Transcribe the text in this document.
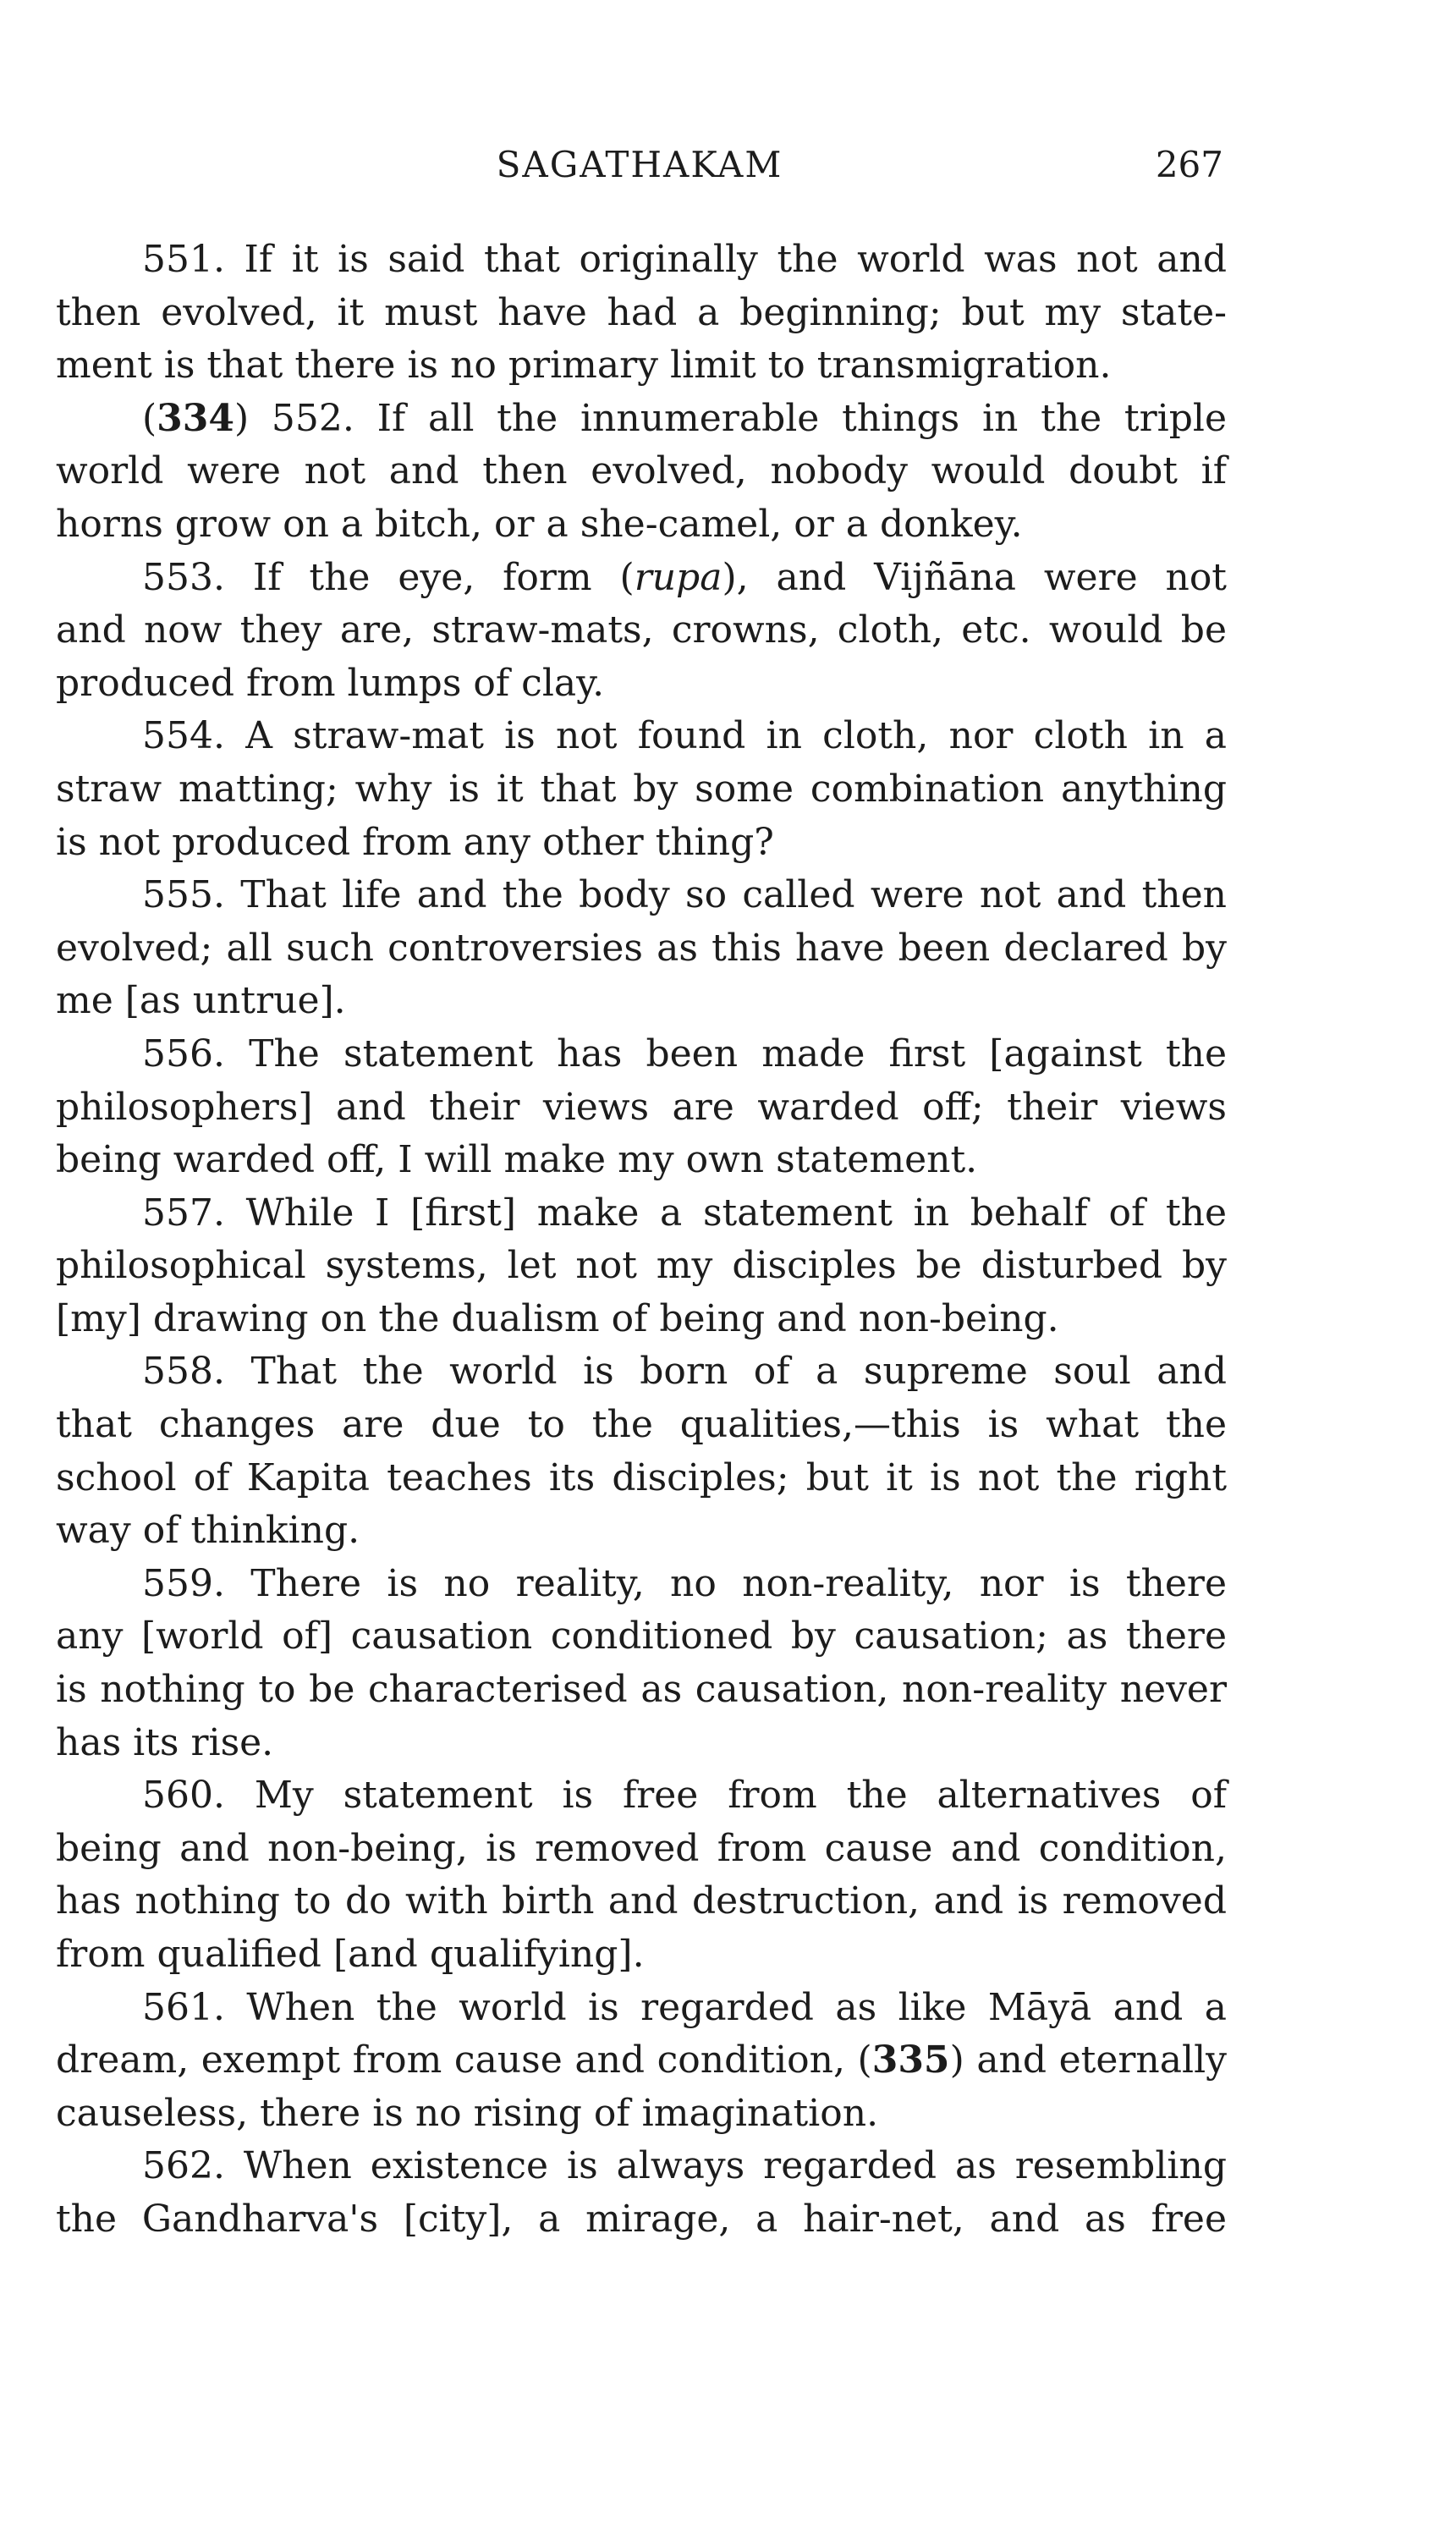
SAGATHAKAM	267
551. If it is said that originally the world was not and
then evolved, it must have had a beginning; but my state-
ment is that there is no primary limit to transmigration.
(334) 552. If all the innumerable things in the triple
world were not and then evolved, nobody would doubt if
horns grow on a bitch, or a she-camel, or a donkey.
553. If the eye, form (rupa), and Vijñāna were not
and now they are, straw-mats, crowns, cloth, etc. would be
produced from lumps of clay.
554. A straw-mat is not found in cloth, nor cloth in a
straw matting; why is it that by some combination anything
is not produced from any other thing?
555. That life and the body so called were not and then
evolved; all such controversies as this have been declared by
me [as untrue].
556. The statement has been made first [against the
philosophers] and their views are warded off; their views
being warded off, I will make my own statement.
557. While I [first] make a statement in behalf of the
philosophical systems, let not my disciples be disturbed by
[my] drawing on the dualism of being and non-being.
558. That the world is born of a supreme soul and
that changes are due to the qualities,—this is what the
school of Kapita teaches its disciples; but it is not the right
way of thinking.
559. There is no reality, no non-reality, nor is there
any [world of] causation conditioned by causation; as there
is nothing to be characterised as causation, non-reality never
has its rise.
560. My statement is free from the alternatives of
being and non-being, is removed from cause and condition,
has nothing to do with birth and destruction, and is removed
from qualified [and qualifying].
561. When the world is regarded as like Māyā and a
dream, exempt from cause and condition, (335) and eternally
causeless, there is no rising of imagination.
562. When existence is always regarded as resembling
the Gandharva's [city], a mirage, a hair-net, and as free
